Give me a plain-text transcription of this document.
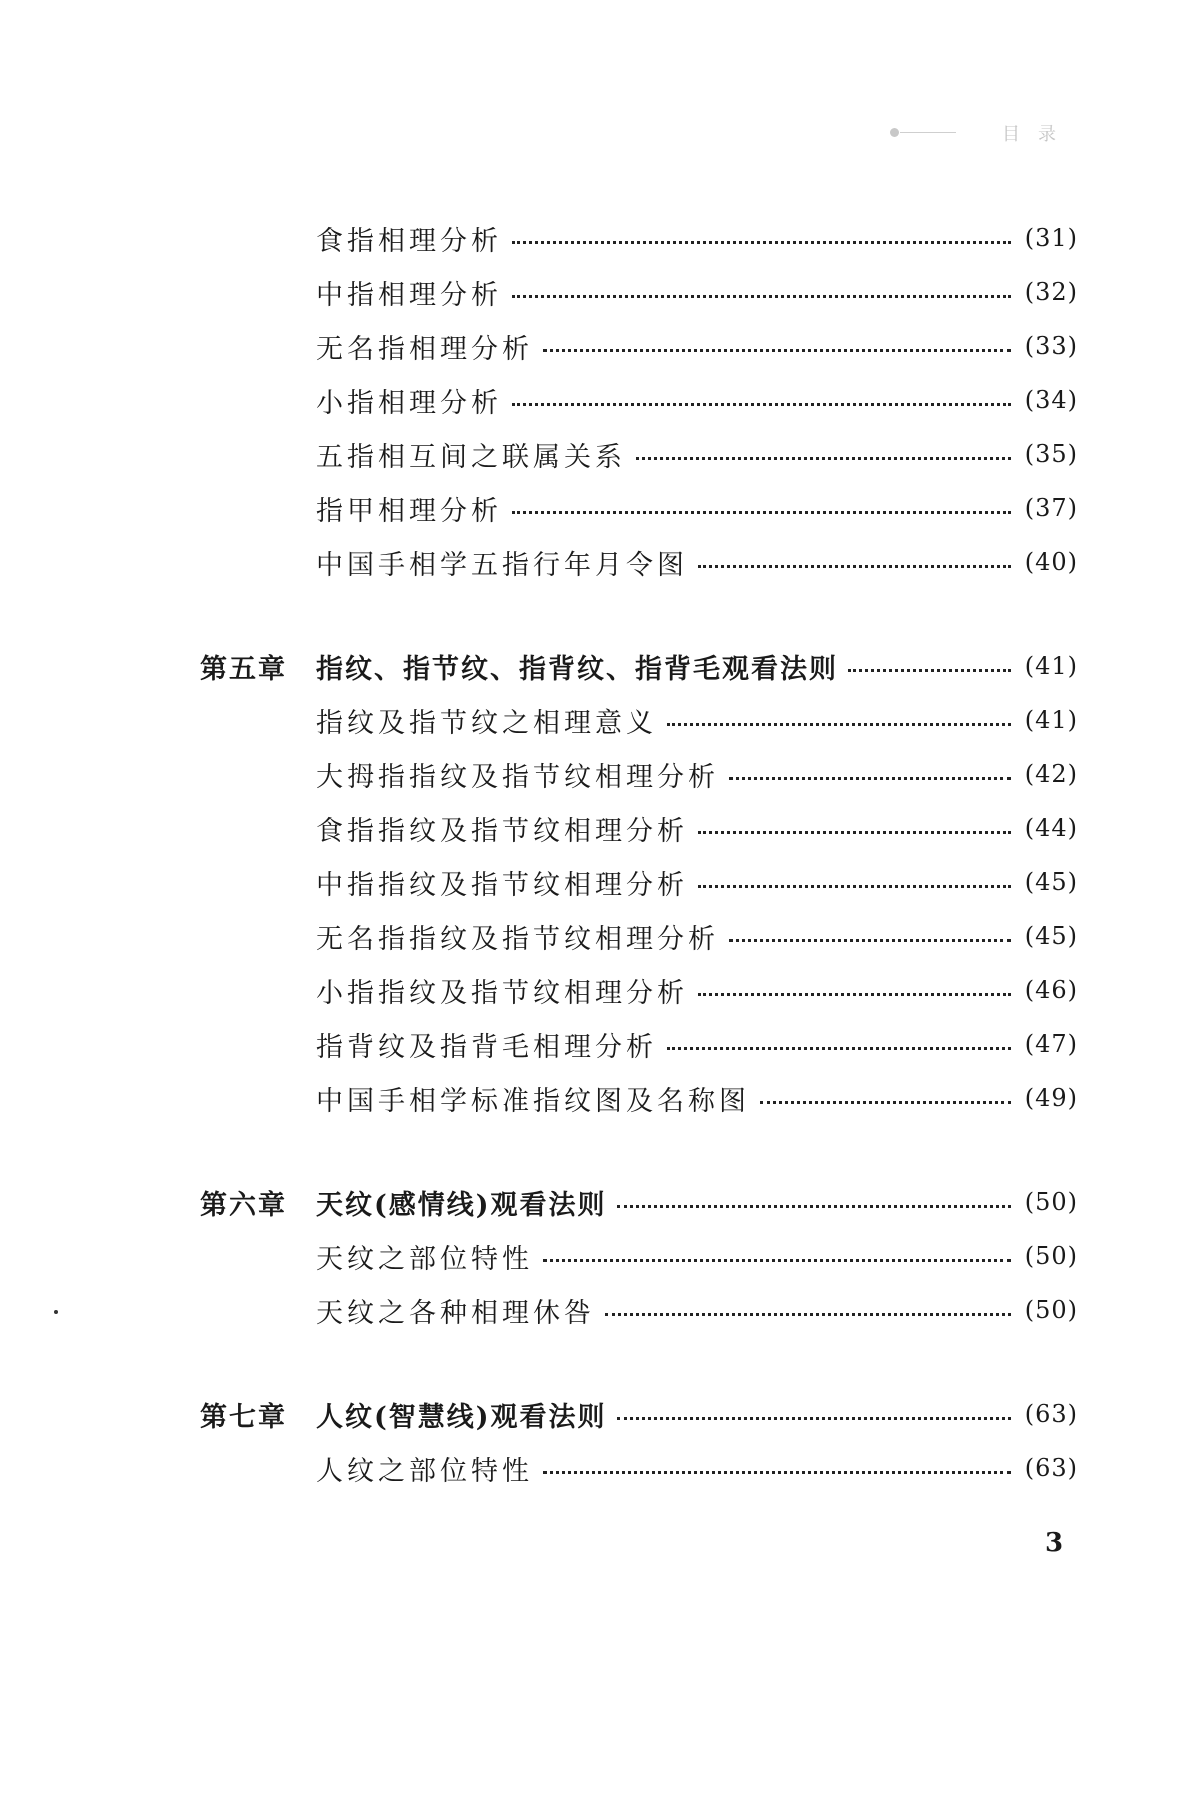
目录
食指相理分析	(31)
中指相理分析	(32)
无名指相理分析	(33)
小指相理分析	(34)
五指相互间之联属关系	(35)
指甲相理分析	(37)
中国手相学五指行年月令图	(40)
第五章 指纹、指节纹、指背纹、指背毛观看法则	(41)
指纹及指节纹之相理意义	(41)
大拇指指纹及指节纹相理分析	(42)
食指指纹及指节纹相理分析	(44)
中指指纹及指节纹相理分析	(45)
无名指指纹及指节纹相理分析	(45)
小指指纹及指节纹相理分析	(46)
指背纹及指背毛相理分析	(47)
中国手相学标准指纹图及名称图	(49)
第六章 天纹(感情线)观看法则	(50)
天纹之部位特性	(50)
天纹之各种相理休咎	(50)
第七章 人纹(智慧线)观看法则	(63)
人纹之部位特性	(63)
3
